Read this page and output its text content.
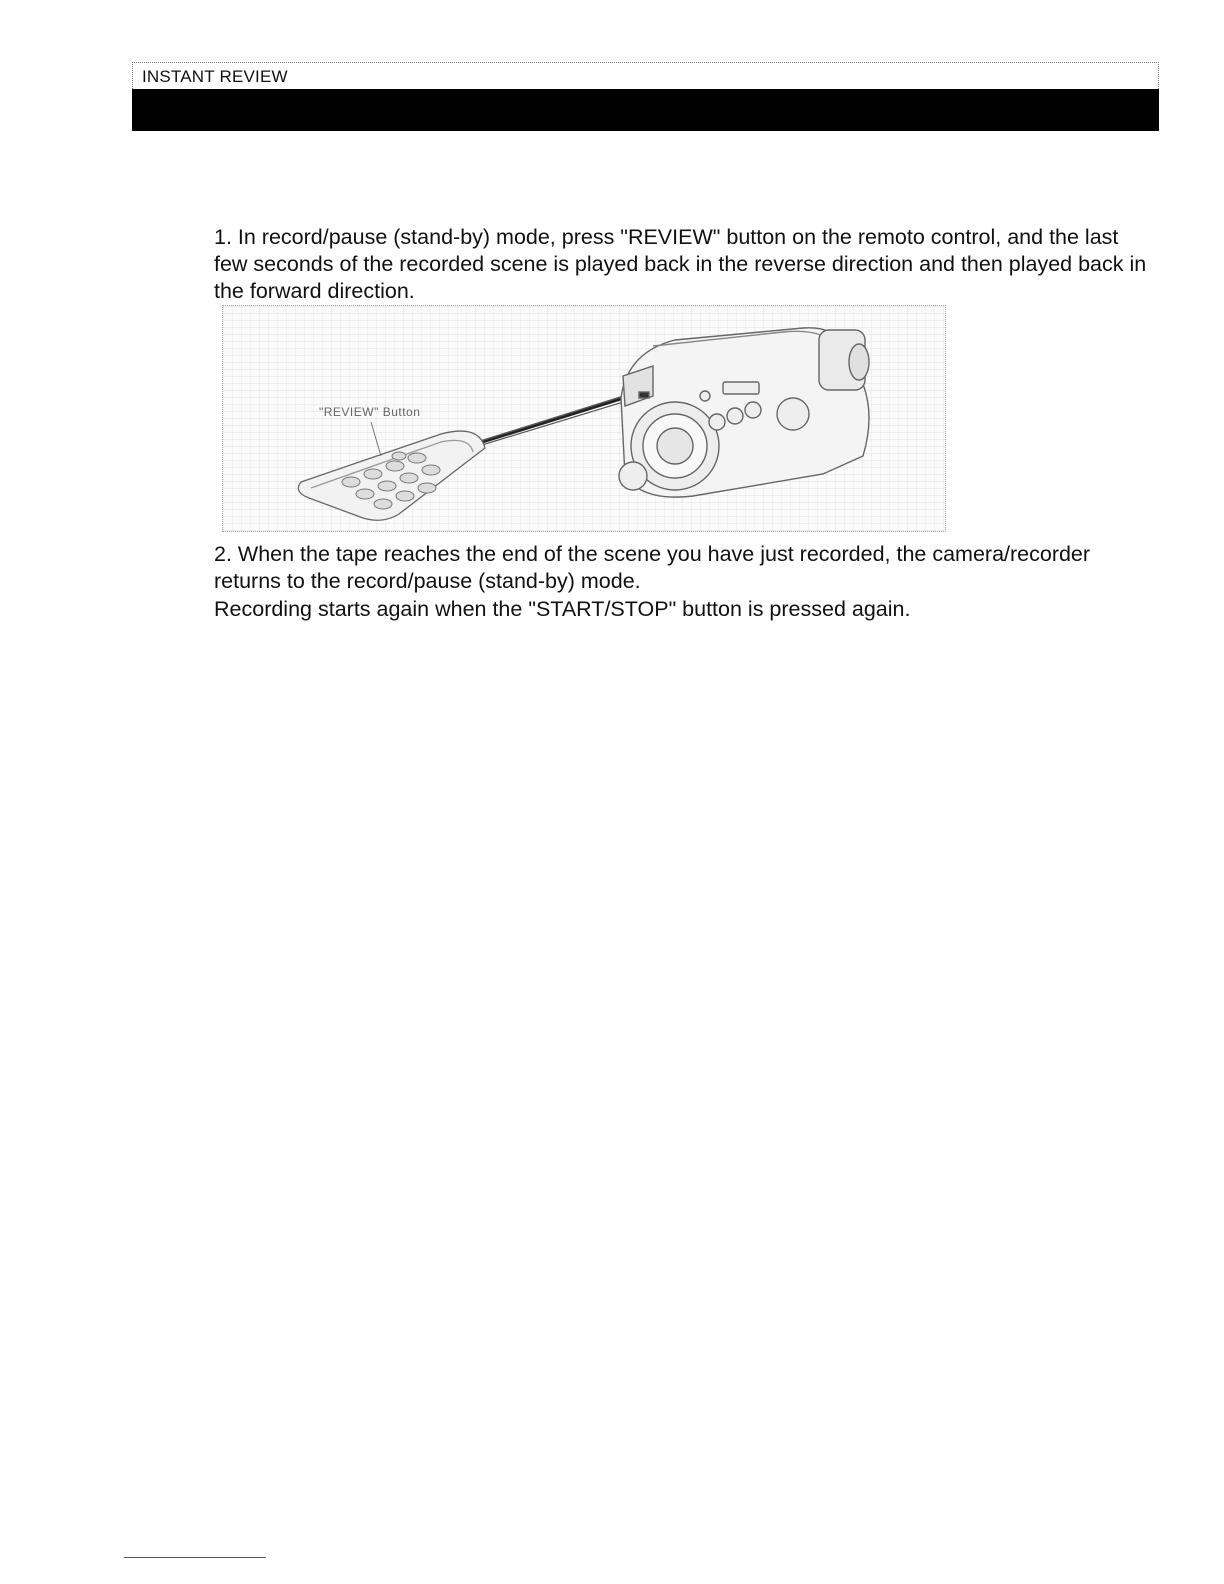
INSTANT REVIEW
1. In record/pause (stand-by) mode, press "REVIEW" button on the remoto control, and the last few seconds of the recorded scene is played back in the reverse direction and then played back in the forward direction.
"REVIEW" Button
2. When the tape reaches the end of the scene you have just recorded, the camera/recorder returns to the record/pause (stand-by) mode.
Recording starts again when the "START/STOP" button is pressed again.
